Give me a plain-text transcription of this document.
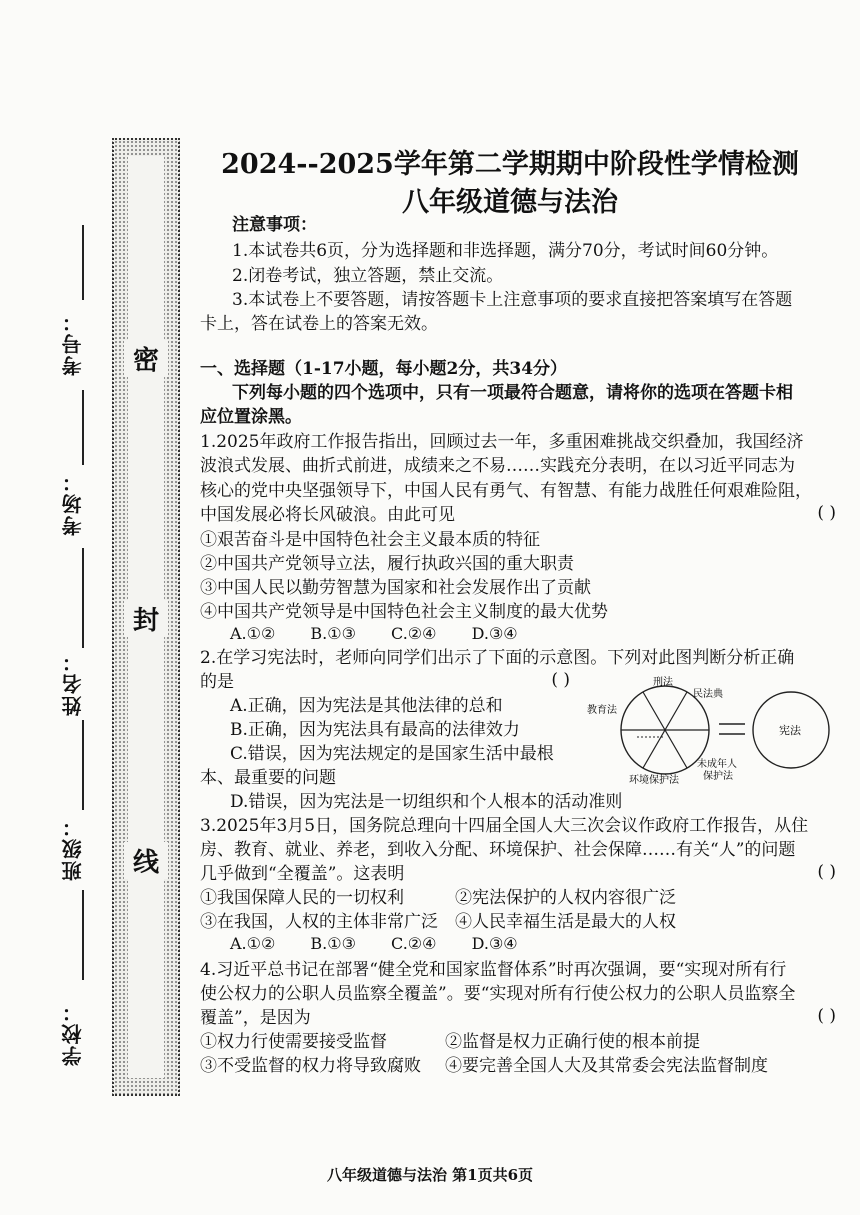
考号：
考场：
姓名：
班级：
学校：
密
封
线
2024--2025学年第二学期期中阶段性学情检测
八年级道德与法治
注意事项：
1.本试卷共6页，分为选择题和非选择题，满分70分，考试时间60分钟。
2.闭卷考试，独立答题，禁止交流。
3.本试卷上不要答题，请按答题卡上注意事项的要求直接把答案填写在答题
卡上，答在试卷上的答案无效。
一、选择题（1-17小题，每小题2分，共34分）
下列每小题的四个选项中，只有一项最符合题意，请将你的选项在答题卡相
应位置涂黑。
1.2025年政府工作报告指出，回顾过去一年，多重困难挑战交织叠加，我国经济
波浪式发展、曲折式前进，成绩来之不易……实践充分表明，在以习近平同志为
核心的党中央坚强领导下，中国人民有勇气、有智慧、有能力战胜任何艰难险阻，
中国发展必将长风破浪。由此可见	( )
①艰苦奋斗是中国特色社会主义最本质的特征
②中国共产党领导立法，履行执政兴国的重大职责
③中国人民以勤劳智慧为国家和社会发展作出了贡献
④中国共产党领导是中国特色社会主义制度的最大优势
A.①② B.①③ C.②④ D.③④
2.在学习宪法时，老师向同学们出示了下面的示意图。下列对此图判断分析正确
的是	( )
A.正确，因为宪法是其他法律的总和
B.正确，因为宪法具有最高的法律效力
C.错误，因为宪法规定的是国家生活中最根
本、最重要的问题
D.错误，因为宪法是一切组织和个人根本的活动准则
刑法
民法典
教育法
未成年人
保护法
环境保护法
宪法
3.2025年3月5日，国务院总理向十四届全国人大三次会议作政府工作报告，从住
房、教育、就业、养老，到收入分配、环境保护、社会保障……有关“人”的问题
几乎做到“全覆盖”。这表明	( )
①我国保障人民的一切权利	②宪法保护的人权内容很广泛
③在我国，人权的主体非常广泛	④人民幸福生活是最大的人权
A.①② B.①③ C.②④ D.③④
4.习近平总书记在部署“健全党和国家监督体系”时再次强调，要“实现对所有行
使公权力的公职人员监察全覆盖”。要“实现对所有行使公权力的公职人员监察全
覆盖”，是因为	( )
①权力行使需要接受监督	②监督是权力正确行使的根本前提
③不受监督的权力将导致腐败	④要完善全国人大及其常委会宪法监督制度
八年级道德与法治 第1页共6页
